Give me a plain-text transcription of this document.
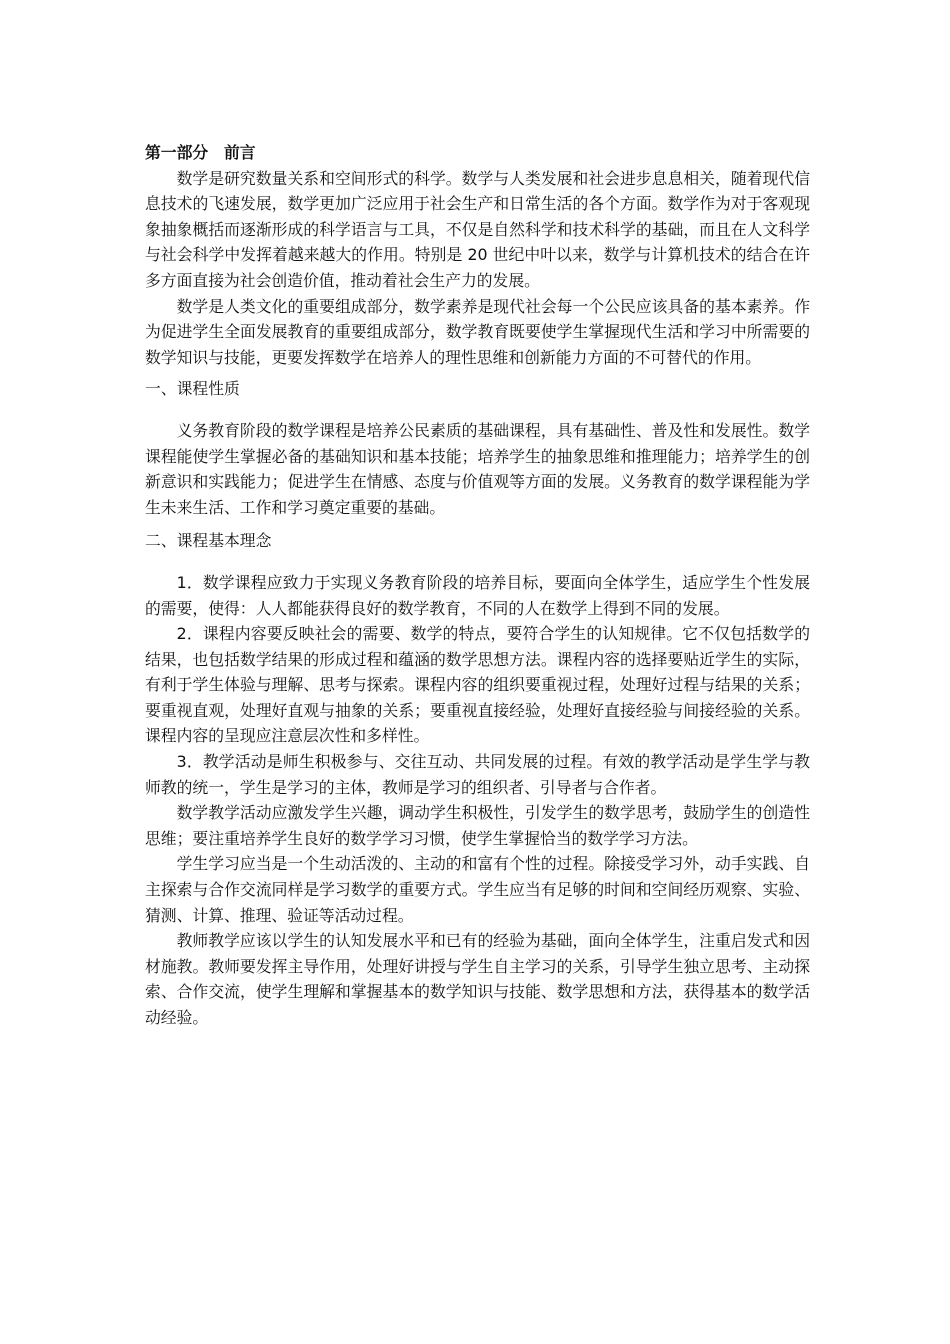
第一部分　前言

数学是研究数量关系和空间形式的科学。数学与人类发展和社会进步息息相关，随着现代信息技术的飞速发展，数学更加广泛应用于社会生产和日常生活的各个方面。数学作为对于客观现象抽象概括而逐渐形成的科学语言与工具，不仅是自然科学和技术科学的基础，而且在人文科学与社会科学中发挥着越来越大的作用。特别是 20 世纪中叶以来，数学与计算机技术的结合在许多方面直接为社会创造价值，推动着社会生产力的发展。

数学是人类文化的重要组成部分，数学素养是现代社会每一个公民应该具备的基本素养。作为促进学生全面发展教育的重要组成部分，数学教育既要使学生掌握现代生活和学习中所需要的数学知识与技能，更要发挥数学在培养人的理性思维和创新能力方面的不可替代的作用。

一、课程性质

义务教育阶段的数学课程是培养公民素质的基础课程，具有基础性、普及性和发展性。数学课程能使学生掌握必备的基础知识和基本技能；培养学生的抽象思维和推理能力；培养学生的创新意识和实践能力；促进学生在情感、态度与价值观等方面的发展。义务教育的数学课程能为学生未来生活、工作和学习奠定重要的基础。

二、课程基本理念

1．数学课程应致力于实现义务教育阶段的培养目标，要面向全体学生，适应学生个性发展的需要，使得：人人都能获得良好的数学教育，不同的人在数学上得到不同的发展。

2．课程内容要反映社会的需要、数学的特点，要符合学生的认知规律。它不仅包括数学的结果，也包括数学结果的形成过程和蕴涵的数学思想方法。课程内容的选择要贴近学生的实际，有利于学生体验与理解、思考与探索。课程内容的组织要重视过程，处理好过程与结果的关系；要重视直观，处理好直观与抽象的关系；要重视直接经验，处理好直接经验与间接经验的关系。课程内容的呈现应注意层次性和多样性。

3．教学活动是师生积极参与、交往互动、共同发展的过程。有效的教学活动是学生学与教师教的统一，学生是学习的主体，教师是学习的组织者、引导者与合作者。

数学教学活动应激发学生兴趣，调动学生积极性，引发学生的数学思考，鼓励学生的创造性思维；要注重培养学生良好的数学学习习惯，使学生掌握恰当的数学学习方法。

学生学习应当是一个生动活泼的、主动的和富有个性的过程。除接受学习外，动手实践、自主探索与合作交流同样是学习数学的重要方式。学生应当有足够的时间和空间经历观察、实验、猜测、计算、推理、验证等活动过程。

教师教学应该以学生的认知发展水平和已有的经验为基础，面向全体学生，注重启发式和因材施教。教师要发挥主导作用，处理好讲授与学生自主学习的关系，引导学生独立思考、主动探索、合作交流，使学生理解和掌握基本的数学知识与技能、数学思想和方法，获得基本的数学活动经验。
